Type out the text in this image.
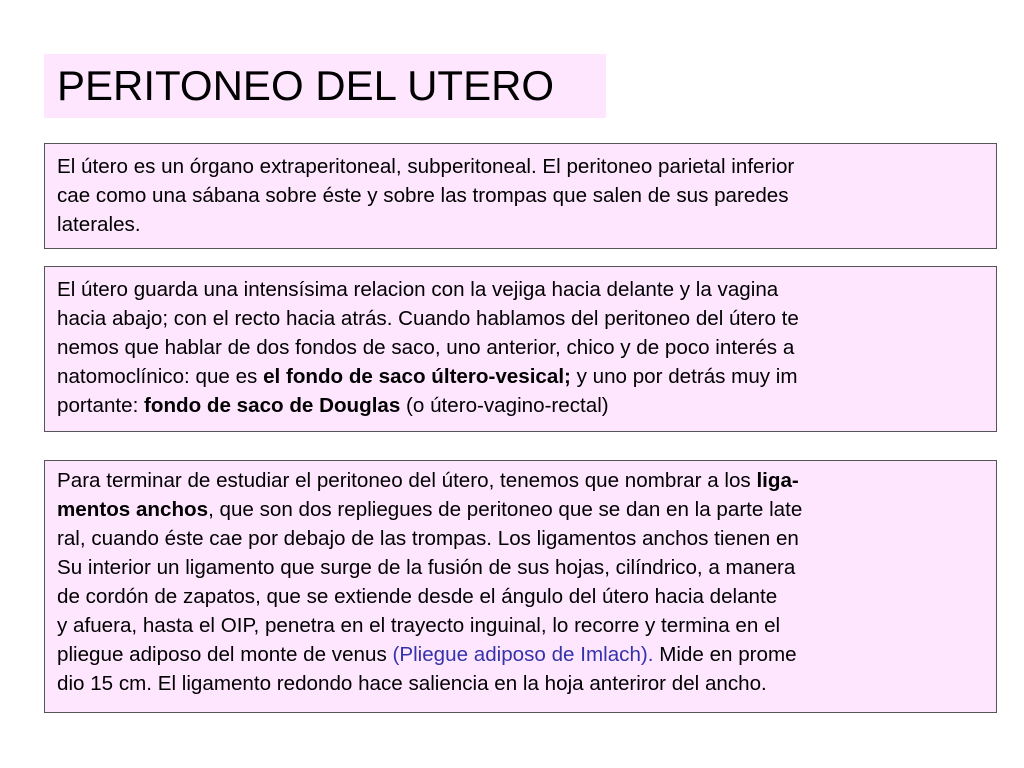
PERITONEO DEL UTERO
El útero es un órgano extraperitoneal, subperitoneal. El peritoneo parietal inferior
cae como una sábana sobre éste y sobre las trompas que salen de sus paredes
laterales.
El útero guarda una intensísima relacion con la vejiga hacia delante y la vagina
hacia abajo; con el recto hacia atrás. Cuando hablamos del peritoneo del útero te
nemos que hablar de dos fondos de saco, uno anterior, chico y de poco interés a
natomoclínico: que es el fondo de saco últero-vesical; y uno por detrás muy im
portante: fondo de saco de Douglas (o útero-vagino-rectal)
Para terminar de estudiar el peritoneo del útero, tenemos que nombrar a los liga-
mentos anchos, que son dos repliegues de peritoneo que se dan en la parte late
ral, cuando éste cae por debajo de las trompas. Los ligamentos anchos tienen en
Su interior un ligamento que surge de la fusión de sus hojas, cilíndrico, a manera
de cordón de zapatos, que se extiende desde el ángulo del útero hacia delante
y afuera, hasta el OIP, penetra en el trayecto inguinal, lo recorre y termina en el
pliegue adiposo del monte de venus (Pliegue adiposo de Imlach). Mide en prome
dio 15 cm. El ligamento redondo hace saliencia en la hoja anteriror del ancho.
